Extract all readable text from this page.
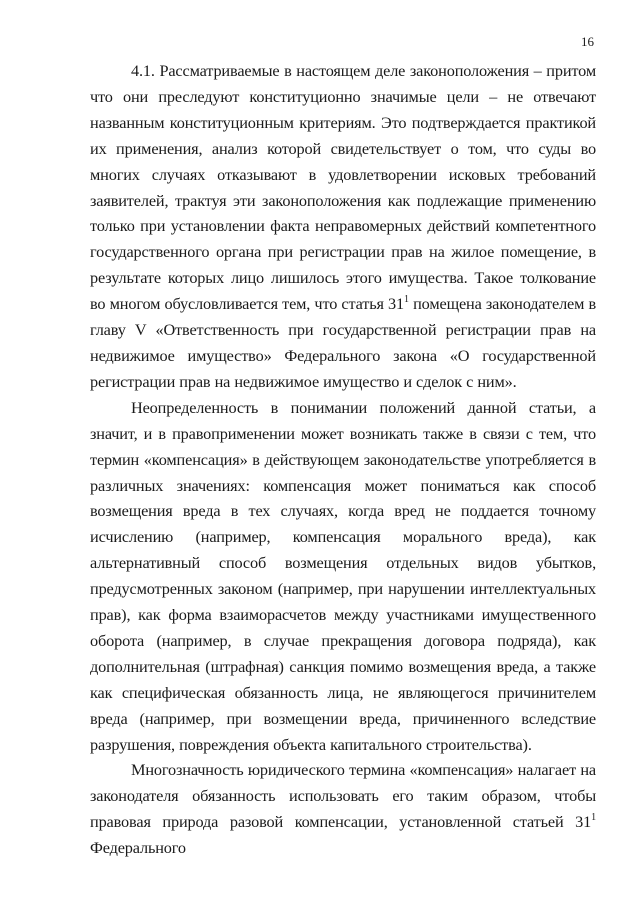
16

4.1. Рассматриваемые в настоящем деле законоположения – притом что они преследуют конституционно значимые цели – не отвечают названным конституционным критериям. Это подтверждается практикой их применения, анализ которой свидетельствует о том, что суды во многих случаях отказывают в удовлетворении исковых требований заявителей, трактуя эти законоположения как подлежащие применению только при установлении факта неправомерных действий компетентного государственного органа при регистрации прав на жилое помещение, в результате которых лицо лишилось этого имущества. Такое толкование во многом обусловливается тем, что статья $31^1$ помещена законодателем в главу V «Ответственность при государственной регистрации прав на недвижимое имущество» Федерального закона «О государственной регистрации прав на недвижимое имущество и сделок с ним».

Неопределенность в понимании положений данной статьи, а значит, и в правоприменении может возникать также в связи с тем, что термин «компенсация» в действующем законодательстве употребляется в различных значениях: компенсация может пониматься как способ возмещения вреда в тех случаях, когда вред не поддается точному исчислению (например, компенсация морального вреда), как альтернативный способ возмещения отдельных видов убытков, предусмотренных законом (например, при нарушении интеллектуальных прав), как форма взаиморасчетов между участниками имущественного оборота (например, в случае прекращения договора подряда), как дополнительная (штрафная) санкция помимо возмещения вреда, а также как специфическая обязанность лица, не являющегося причинителем вреда (например, при возмещении вреда, причиненного вследствие разрушения, повреждения объекта капитального строительства).

Многозначность юридического термина «компенсация» налагает на законодателя обязанность использовать его таким образом, чтобы правовая природа разовой компенсации, установленной статьей $31^1$ Федерального
